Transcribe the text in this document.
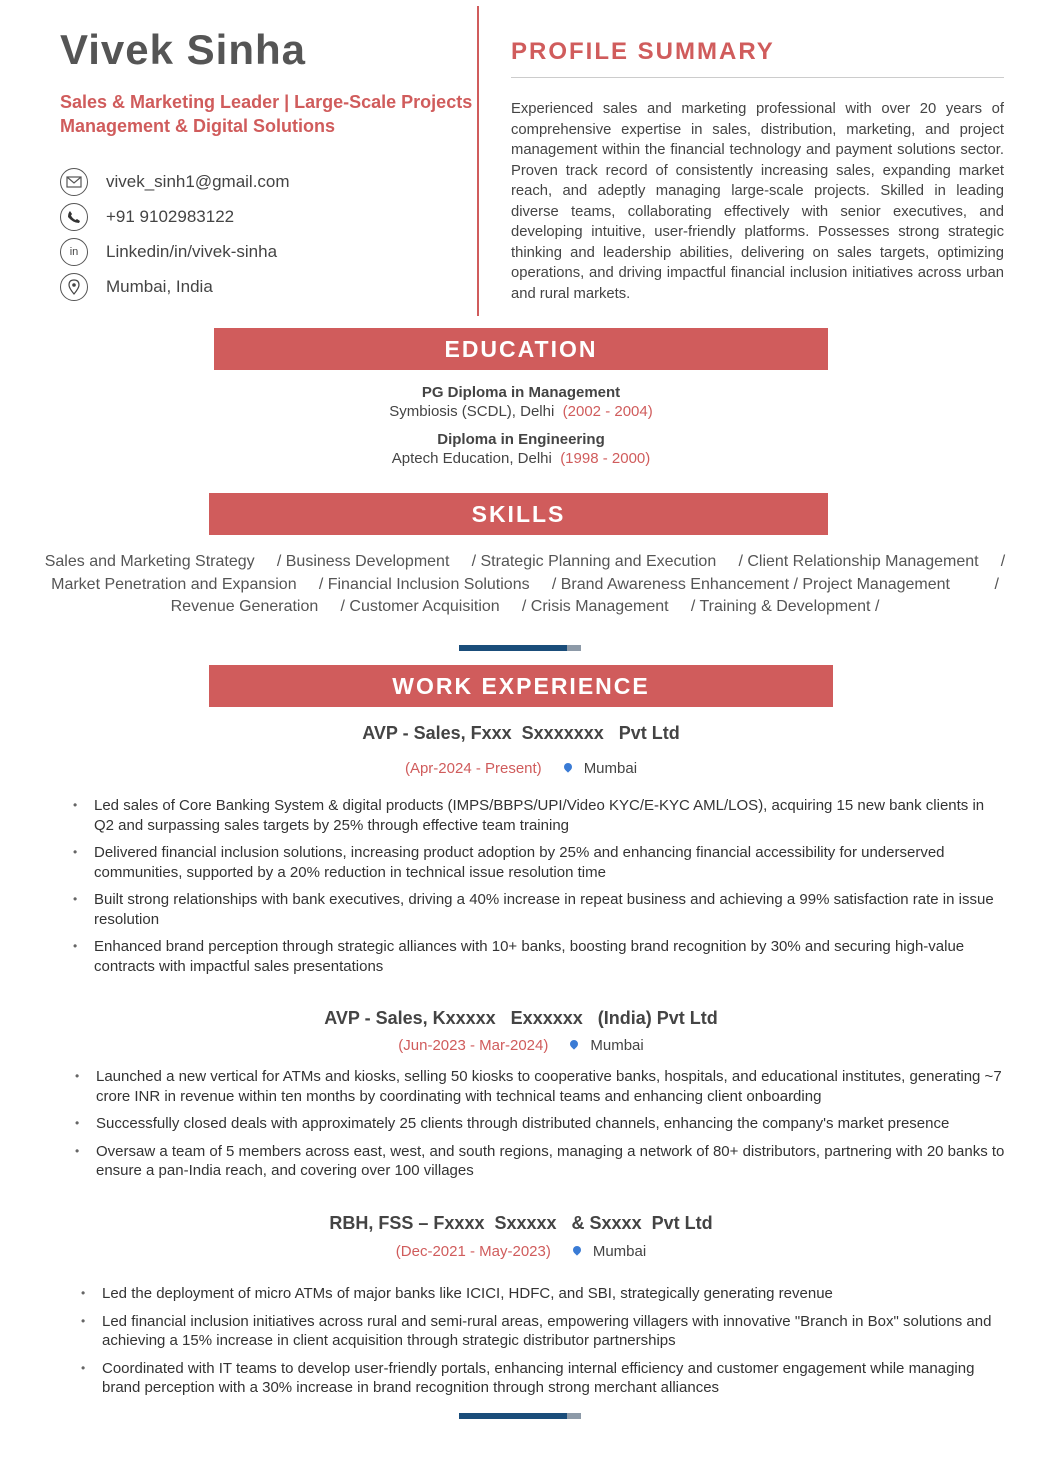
Vivek Sinha
Sales & Marketing Leader | Large-Scale Projects Management & Digital Solutions
vivek_sinh1@gmail.com
+91 9102983122
in	Linkedin/in/vivek-sinha
Mumbai, India
PROFILE SUMMARY
Experienced sales and marketing professional with over 20 years of comprehensive expertise in sales, distribution, marketing, and project management within the financial technology and payment solutions sector. Proven track record of consistently increasing sales, expanding market reach, and adeptly managing large-scale projects. Skilled in leading diverse teams, collaborating effectively with senior executives, and developing intuitive, user-friendly platforms. Possesses strong strategic thinking and leadership abilities, delivering on sales targets, optimizing operations, and driving impactful financial inclusion initiatives across urban and rural markets.
EDUCATION
PG Diploma in Management
Symbiosis (SCDL), Delhi (2002 - 2004)
Diploma in Engineering
Aptech Education, Delhi (1998 - 2000)
SKILLS
Sales and Marketing Strategy     / Business Development     / Strategic Planning and Execution     / Client Relationship Management     /
Market Penetration and Expansion     / Financial Inclusion Solutions     / Brand Awareness Enhancement / Project Management          /
Revenue Generation     / Customer Acquisition     / Crisis Management     / Training & Development /
WORK EXPERIENCE
AVP - Sales, Fxxx  Sxxxxxxx   Pvt Ltd
(Apr-2024 - Present)	Mumbai
• Led sales of Core Banking System & digital products (IMPS/BBPS/UPI/Video KYC/E-KYC AML/LOS), acquiring 15 new bank clients in Q2 and surpassing sales targets by 25% through effective team training
• Delivered financial inclusion solutions, increasing product adoption by 25% and enhancing financial accessibility for underserved communities, supported by a 20% reduction in technical issue resolution time
• Built strong relationships with bank executives, driving a 40% increase in repeat business and achieving a 99% satisfaction rate in issue resolution
• Enhanced brand perception through strategic alliances with 10+ banks, boosting brand recognition by 30% and securing high-value contracts with impactful sales presentations
AVP - Sales, Kxxxxx   Exxxxxx   (India) Pvt Ltd
(Jun-2023 - Mar-2024)	Mumbai
• Launched a new vertical for ATMs and kiosks, selling 50 kiosks to cooperative banks, hospitals, and educational institutes, generating ~7 crore INR in revenue within ten months by coordinating with technical teams and enhancing client onboarding
• Successfully closed deals with approximately 25 clients through distributed channels, enhancing the company's market presence
• Oversaw a team of 5 members across east, west, and south regions, managing a network of 80+ distributors, partnering with 20 banks to ensure a pan-India reach, and covering over 100 villages
RBH, FSS – Fxxxx  Sxxxxx   & Sxxxx  Pvt Ltd
(Dec-2021 - May-2023)	Mumbai
• Led the deployment of micro ATMs of major banks like ICICI, HDFC, and SBI, strategically generating revenue
• Led financial inclusion initiatives across rural and semi-rural areas, empowering villagers with innovative "Branch in Box" solutions and achieving a 15% increase in client acquisition through strategic distributor partnerships
• Coordinated with IT teams to develop user-friendly portals, enhancing internal efficiency and customer engagement while managing brand perception with a 30% increase in brand recognition through strong merchant alliances
